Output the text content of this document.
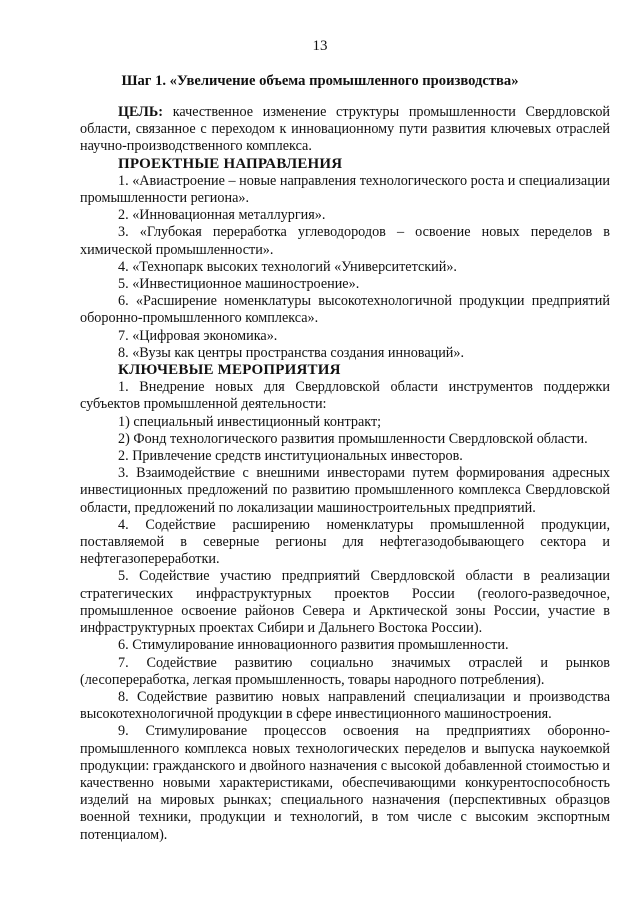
13
Шаг 1. «Увеличение объема промышленного производства»

ЦЕЛЬ: качественное изменение структуры промышленности Свердловской области, связанное с переходом к инновационному пути развития ключевых отраслей научно-производственного комплекса.

ПРОЕКТНЫЕ НАПРАВЛЕНИЯ

1. «Авиастроение – новые направления технологического роста и специализации промышленности региона».

2. «Инновационная металлургия».

3. «Глубокая переработка углеводородов – освоение новых переделов в химической промышленности».

4. «Технопарк высоких технологий «Университетский».

5. «Инвестиционное машиностроение».

6. «Расширение номенклатуры высокотехнологичной продукции предприятий оборонно-промышленного комплекса».

7. «Цифровая экономика».

8. «Вузы как центры пространства создания инноваций».

КЛЮЧЕВЫЕ МЕРОПРИЯТИЯ

1. Внедрение новых для Свердловской области инструментов поддержки субъектов промышленной деятельности:

1) специальный инвестиционный контракт;

2) Фонд технологического развития промышленности Свердловской области.

2. Привлечение средств институциональных инвесторов.

3. Взаимодействие с внешними инвесторами путем формирования адресных инвестиционных предложений по развитию промышленного комплекса Свердловской области, предложений по локализации машиностроительных предприятий.

4. Содействие расширению номенклатуры промышленной продукции, поставляемой в северные регионы для нефтегазодобывающего сектора и нефтегазопереработки.

5. Содействие участию предприятий Свердловской области в реализации стратегических инфраструктурных проектов России (геолого-разведочное, промышленное освоение районов Севера и Арктической зоны России, участие в инфраструктурных проектах Сибири и Дальнего Востока России).

6. Стимулирование инновационного развития промышленности.

7. Содействие развитию социально значимых отраслей и рынков (лесопереработка, легкая промышленность, товары народного потребления).

8. Содействие развитию новых направлений специализации и производства высокотехнологичной продукции в сфере инвестиционного машиностроения.

9. Стимулирование процессов освоения на предприятиях оборонно-промышленного комплекса новых технологических переделов и выпуска наукоемкой продукции: гражданского и двойного назначения с высокой добавленной стоимостью и качественно новыми характеристиками, обеспечивающими конкурентоспособность изделий на мировых рынках; специального назначения (перспективных образцов военной техники, продукции и технологий, в том числе с высоким экспортным потенциалом).
